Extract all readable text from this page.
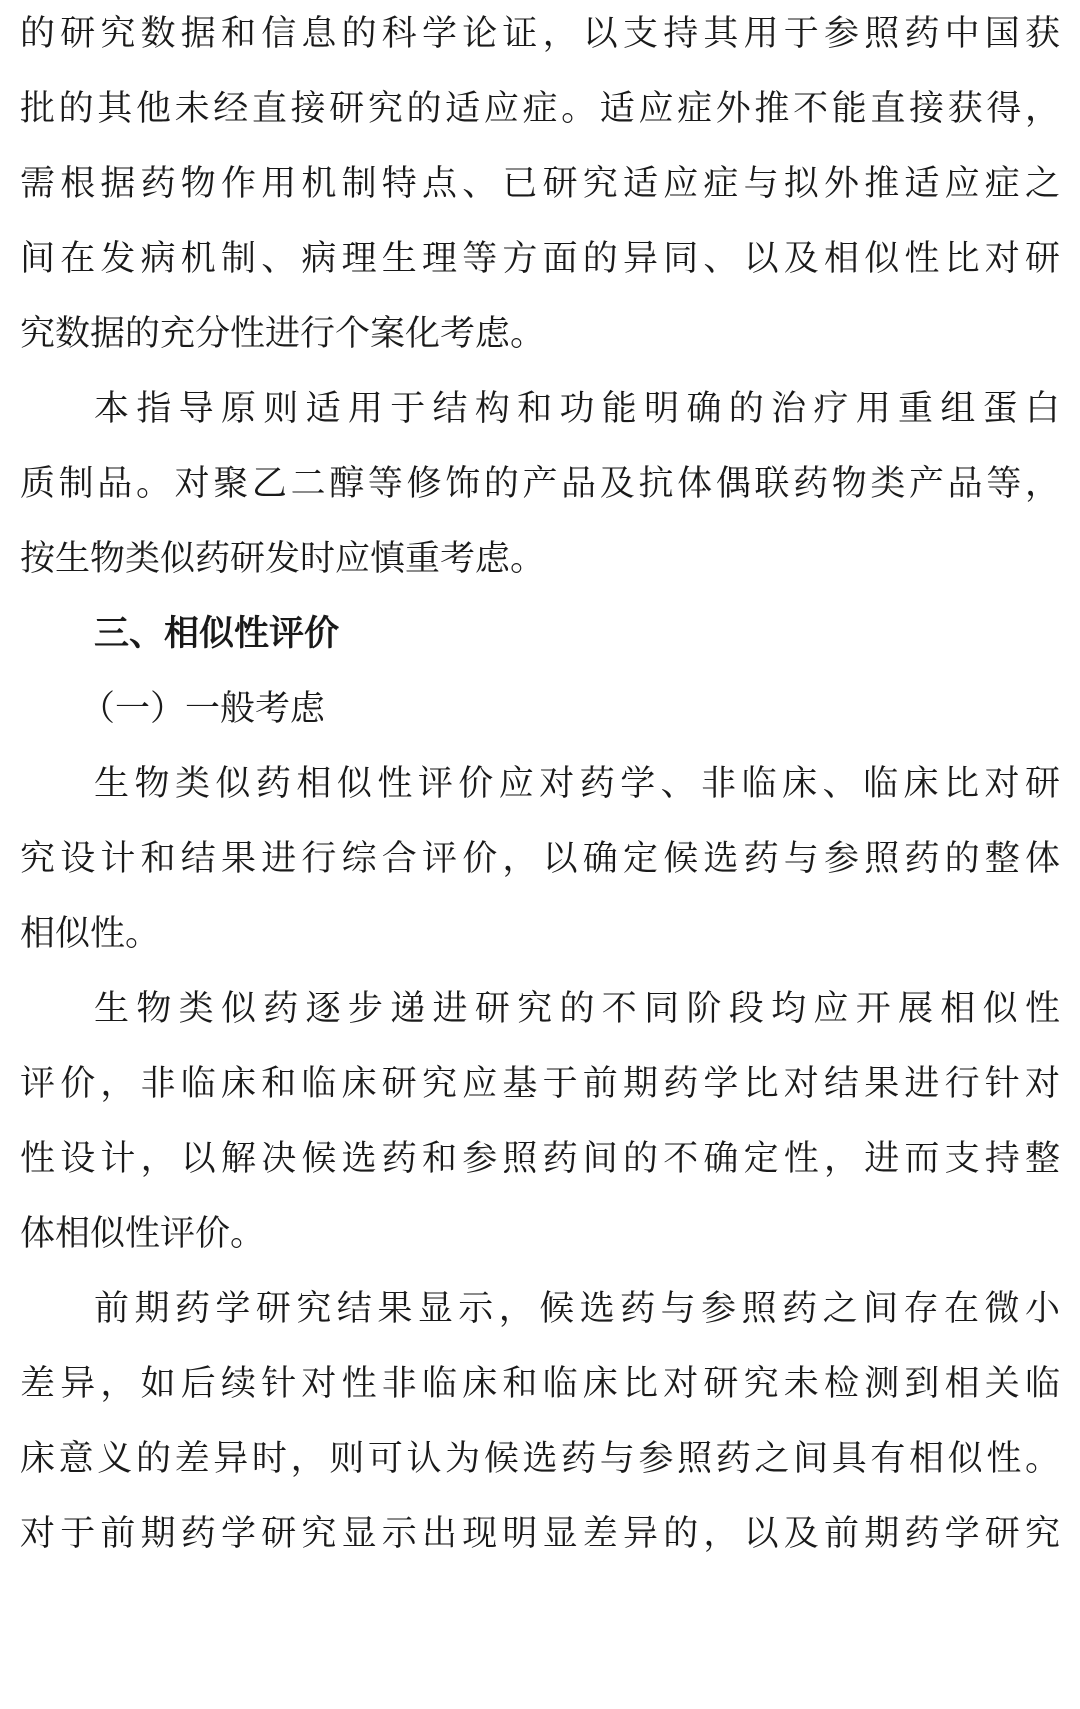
的研究数据和信息的科学论证，以支持其用于参照药中国获
批的其他未经直接研究的适应症。适应症外推不能直接获得，
需根据药物作用机制特点、已研究适应症与拟外推适应症之
间在发病机制、病理生理等方面的异同、以及相似性比对研
究数据的充分性进行个案化考虑。
本指导原则适用于结构和功能明确的治疗用重组蛋白
质制品。对聚乙二醇等修饰的产品及抗体偶联药物类产品等，
按生物类似药研发时应慎重考虑。
三、相似性评价
（一）一般考虑
生物类似药相似性评价应对药学、非临床、临床比对研
究设计和结果进行综合评价，以确定候选药与参照药的整体
相似性。
生物类似药逐步递进研究的不同阶段均应开展相似性
评价，非临床和临床研究应基于前期药学比对结果进行针对
性设计，以解决候选药和参照药间的不确定性，进而支持整
体相似性评价。
前期药学研究结果显示，候选药与参照药之间存在微小
差异，如后续针对性非临床和临床比对研究未检测到相关临
床意义的差异时，则可认为候选药与参照药之间具有相似性。
对于前期药学研究显示出现明显差异的，以及前期药学研究
